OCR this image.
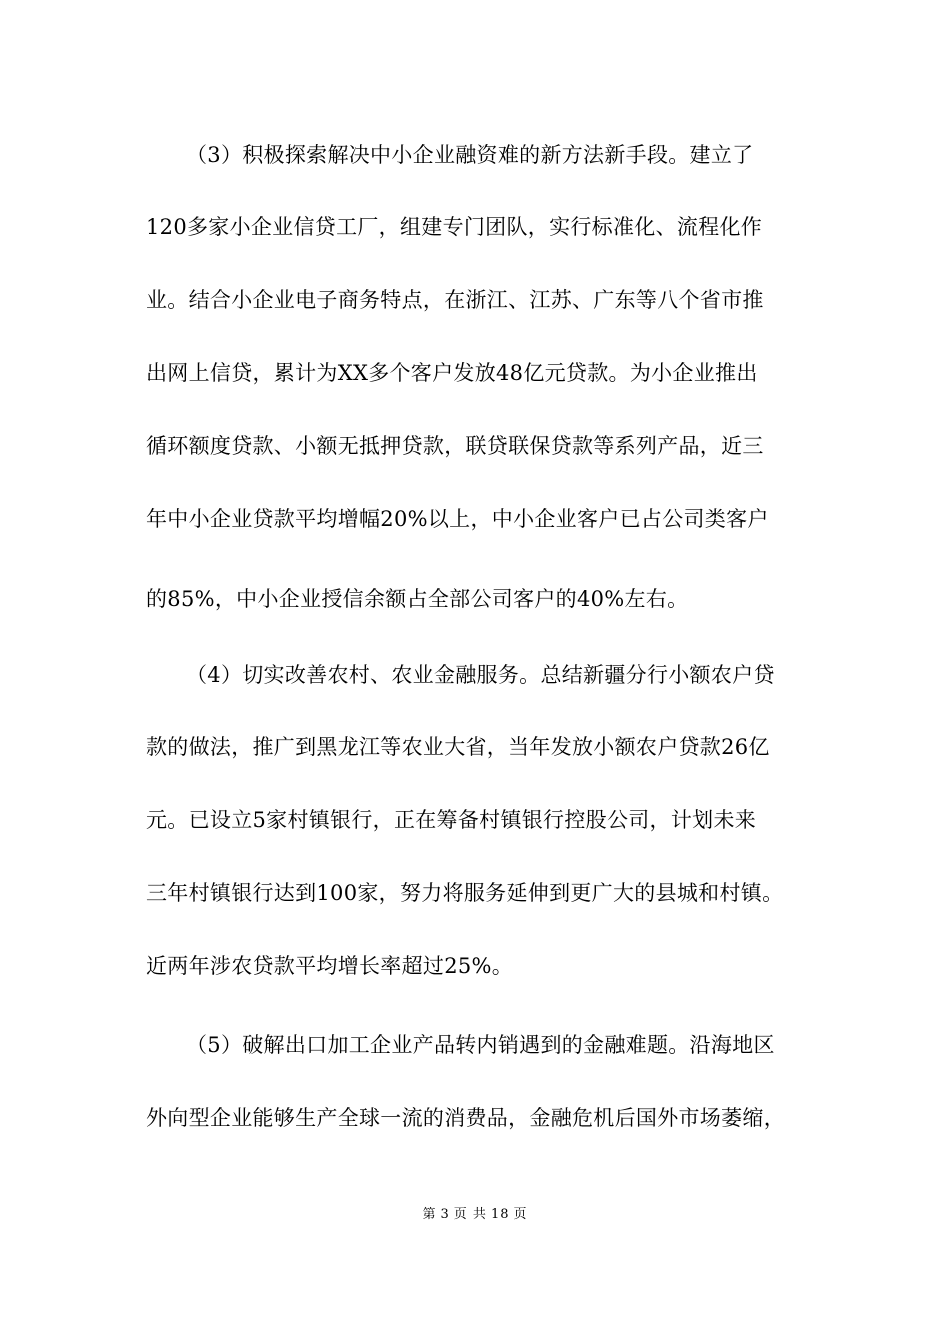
（3）积极探索解决中小企业融资难的新方法新手段。建立了
120多家小企业信贷工厂，组建专门团队，实行标准化、流程化作
业。结合小企业电子商务特点，在浙江、江苏、广东等八个省市推
出网上信贷，累计为XX多个客户发放48亿元贷款。为小企业推出
循环额度贷款、小额无抵押贷款，联贷联保贷款等系列产品，近三
年中小企业贷款平均增幅20%以上，中小企业客户已占公司类客户
的85%，中小企业授信余额占全部公司客户的40%左右。
（4）切实改善农村、农业金融服务。总结新疆分行小额农户贷
款的做法，推广到黑龙江等农业大省，当年发放小额农户贷款26亿
元。已设立5家村镇银行，正在筹备村镇银行控股公司，计划未来
三年村镇银行达到100家，努力将服务延伸到更广大的县城和村镇。
近两年涉农贷款平均增长率超过25%。
（5）破解出口加工企业产品转内销遇到的金融难题。沿海地区
外向型企业能够生产全球一流的消费品，金融危机后国外市场萎缩，
第 3 页 共 18 页
